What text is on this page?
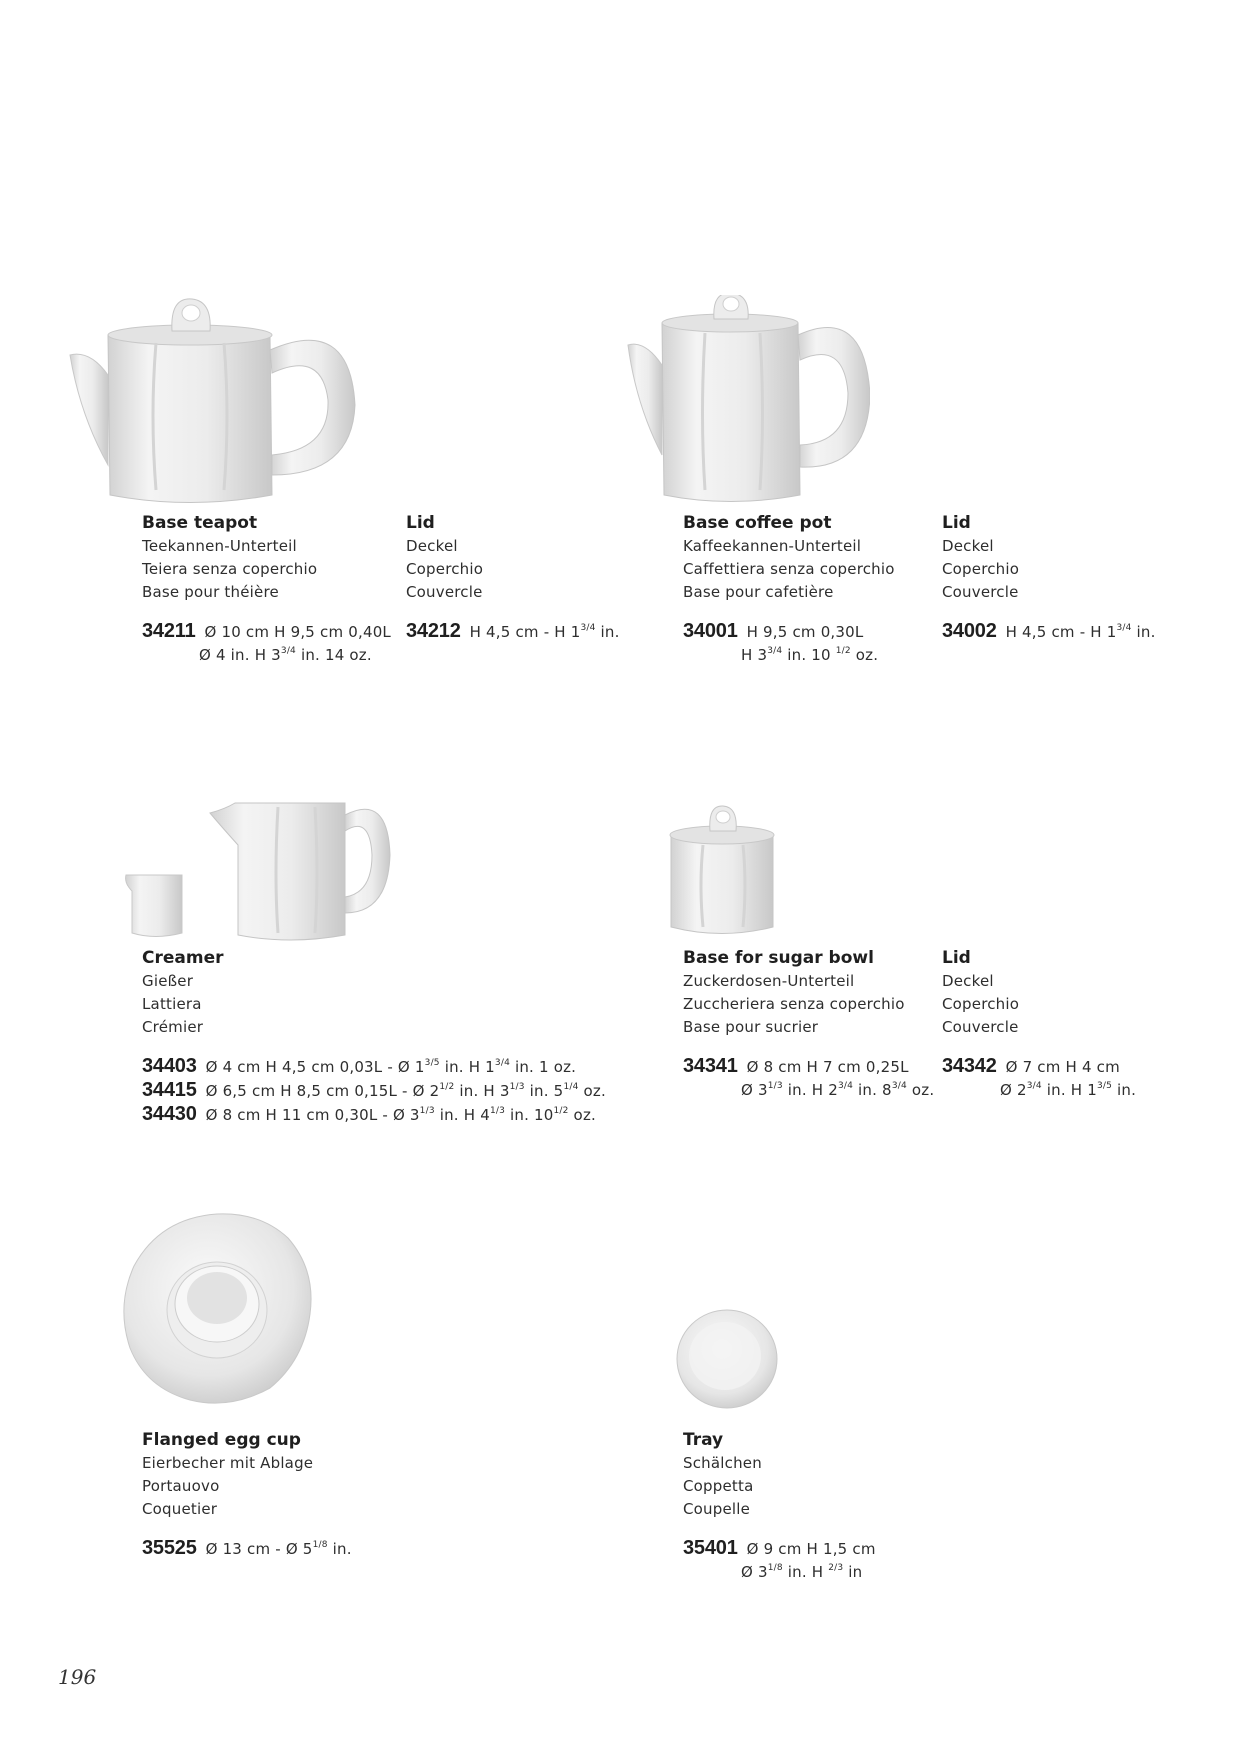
Base teapot
Teekannen-Unterteil
Teiera senza coperchio
Base pour théière
34211 Ø 10 cm H 9,5 cm 0,40L
Ø 4 in. H $3^{3/4}$ in. 14 oz.
Lid
Deckel
Coperchio
Couvercle
34212 H 4,5 cm - H $1^{3/4}$ in.
Base coffee pot
Kaffeekannen-Unterteil
Caffettiera senza coperchio
Base pour cafetière
34001 H 9,5 cm 0,30L
H $3^{3/4}$ in. 10 $^{1/2}$ oz.
Lid
Deckel
Coperchio
Couvercle
34002 H 4,5 cm - H $1^{3/4}$ in.
Creamer
Gießer
Lattiera
Crémier
34403 Ø 4 cm H 4,5 cm 0,03L - Ø $1^{3/5}$ in. H $1^{3/4}$ in. 1 oz.
34415 Ø 6,5 cm H 8,5 cm 0,15L - Ø $2^{1/2}$ in. H $3^{1/3}$ in. $5^{1/4}$ oz.
34430 Ø 8 cm H 11 cm 0,30L - Ø $3^{1/3}$ in. H $4^{1/3}$ in. $10^{1/2}$ oz.
Base for sugar bowl
Zuckerdosen-Unterteil
Zuccheriera senza coperchio
Base pour sucrier
34341 Ø 8 cm H 7 cm 0,25L
Ø $3^{1/3}$ in. H $2^{3/4}$ in. $8^{3/4}$ oz.
Lid
Deckel
Coperchio
Couvercle
34342 Ø 7 cm H 4 cm
Ø $2^{3/4}$ in. H $1^{3/5}$ in.
Flanged egg cup
Eierbecher mit Ablage
Portauovo
Coquetier
35525 Ø 13 cm - Ø $5^{1/8}$ in.
Tray
Schälchen
Coppetta
Coupelle
35401 Ø 9 cm H 1,5 cm
Ø $3^{1/8}$ in. H $^{2/3}$ in
196
